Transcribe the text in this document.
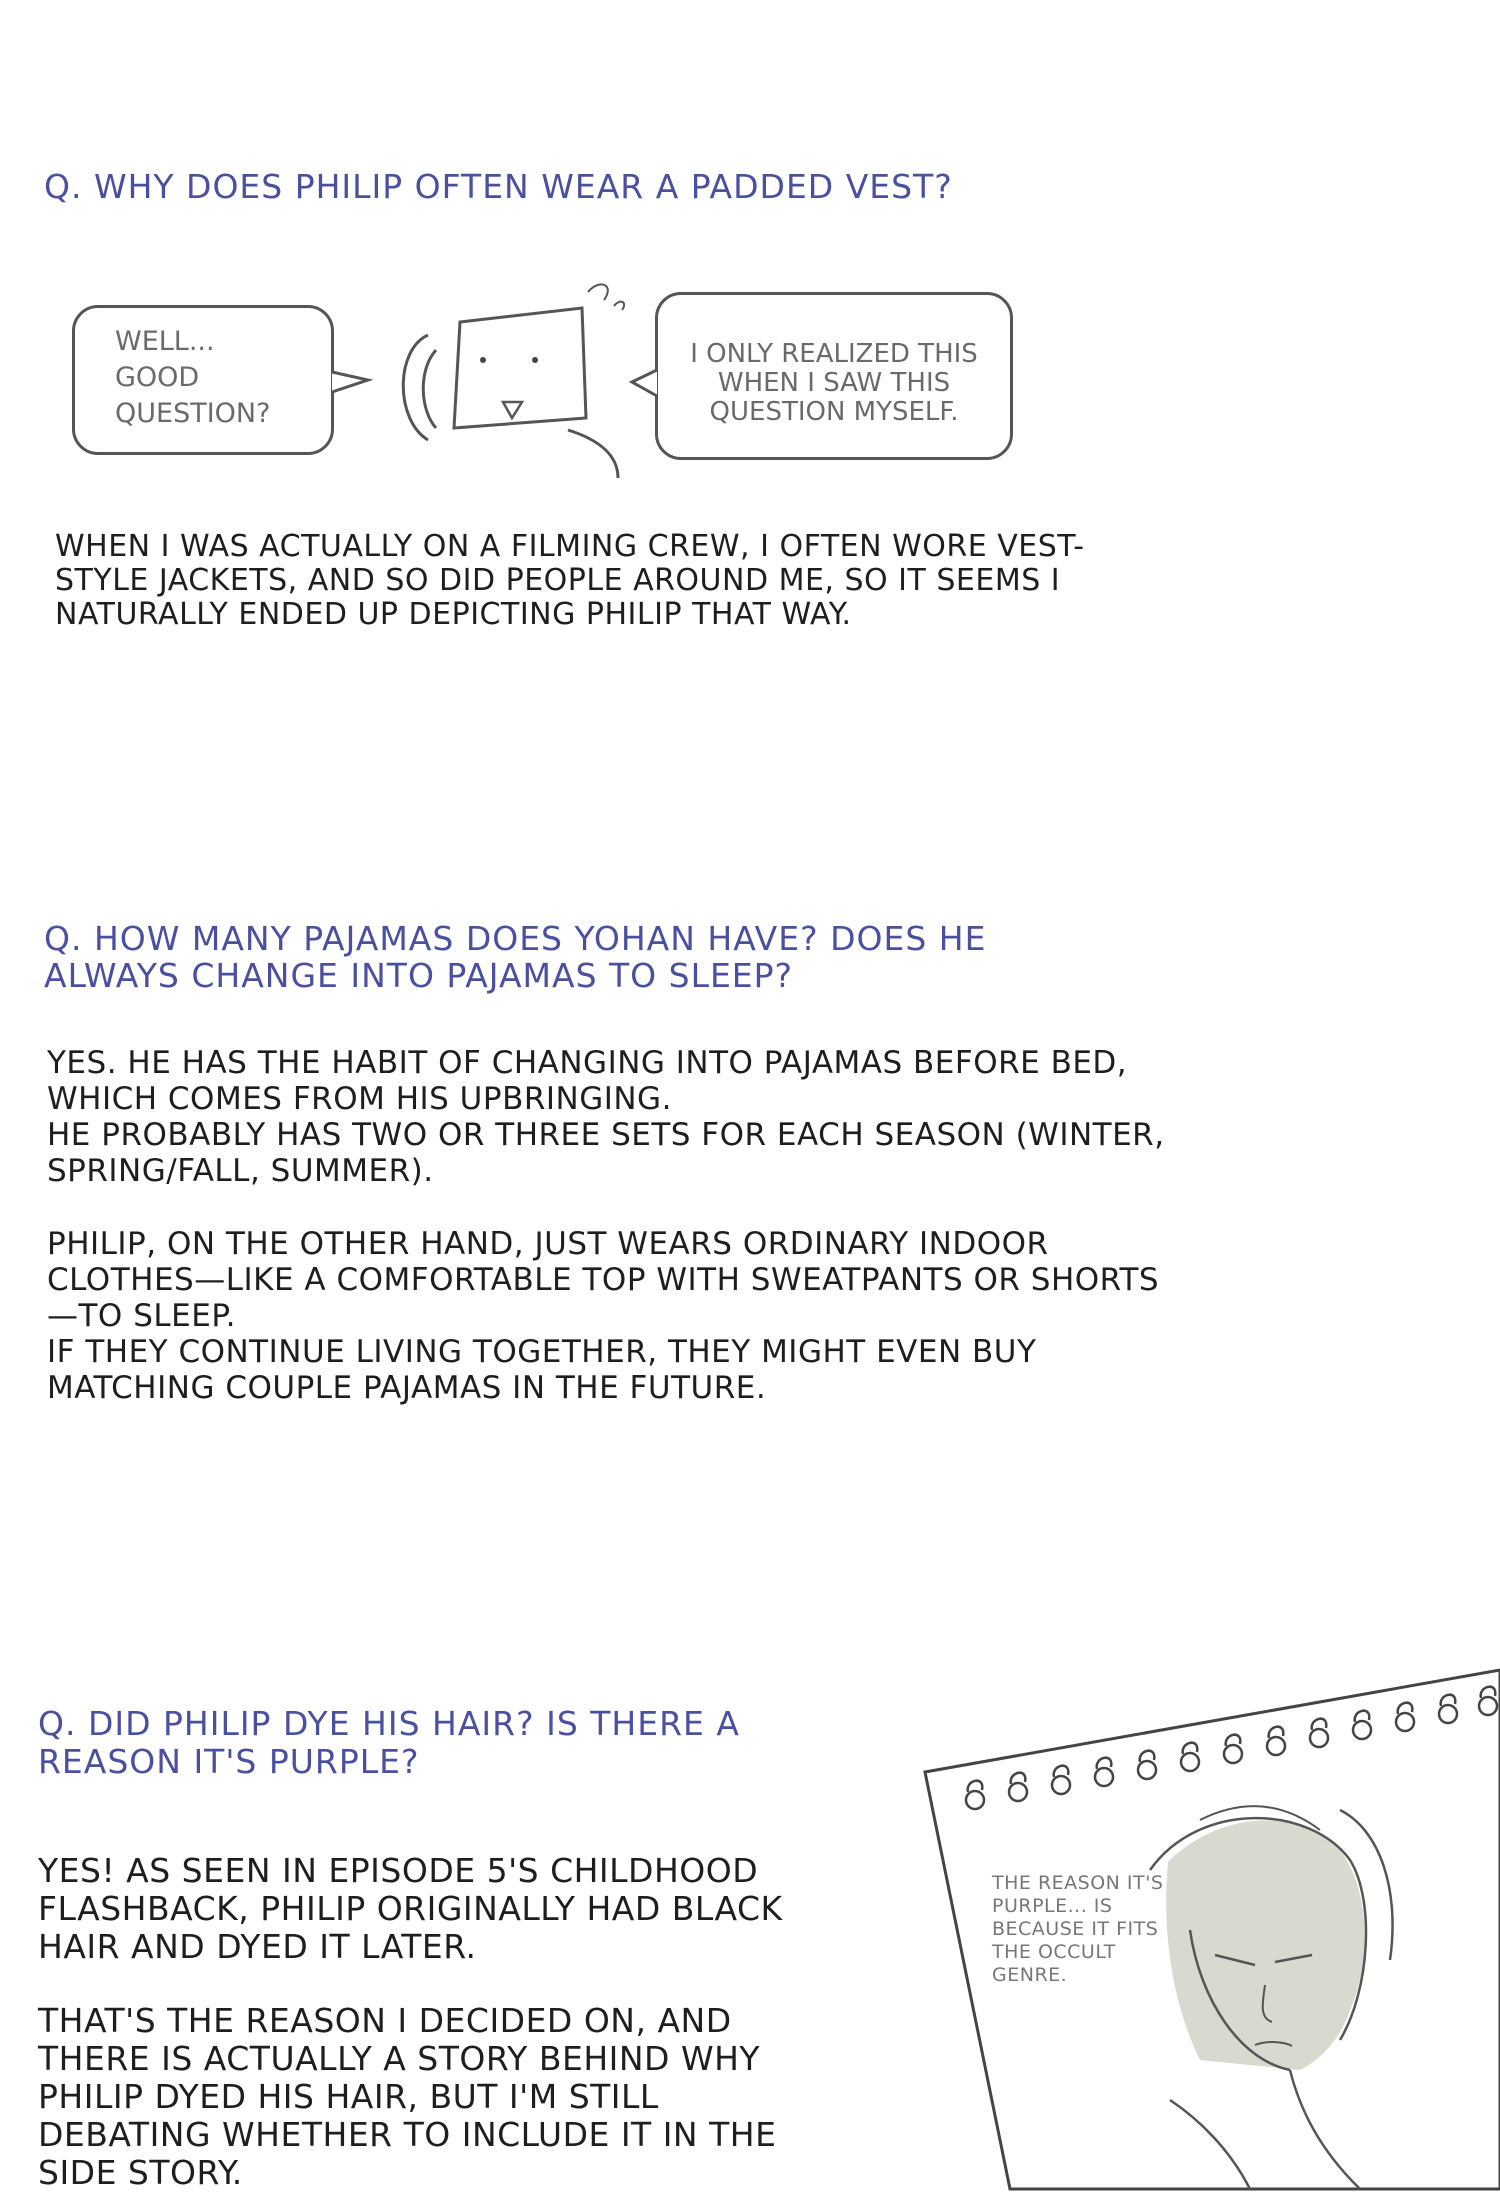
Q. WHY DOES PHILIP OFTEN WEAR A PADDED VEST?
WELL...
GOOD
QUESTION?
I ONLY REALIZED THIS
WHEN I SAW THIS
QUESTION MYSELF.

WHEN I WAS ACTUALLY ON A FILMING CREW, I OFTEN WORE VEST-
STYLE JACKETS, AND SO DID PEOPLE AROUND ME, SO IT SEEMS I
NATURALLY ENDED UP DEPICTING PHILIP THAT WAY.

Q. HOW MANY PAJAMAS DOES YOHAN HAVE? DOES HE
ALWAYS CHANGE INTO PAJAMAS TO SLEEP?

YES. HE HAS THE HABIT OF CHANGING INTO PAJAMAS BEFORE BED,
WHICH COMES FROM HIS UPBRINGING.
HE PROBABLY HAS TWO OR THREE SETS FOR EACH SEASON (WINTER,
SPRING/FALL, SUMMER).

PHILIP, ON THE OTHER HAND, JUST WEARS ORDINARY INDOOR
CLOTHES—LIKE A COMFORTABLE TOP WITH SWEATPANTS OR SHORTS
—TO SLEEP.
IF THEY CONTINUE LIVING TOGETHER, THEY MIGHT EVEN BUY
MATCHING COUPLE PAJAMAS IN THE FUTURE.

Q. DID PHILIP DYE HIS HAIR? IS THERE A
REASON IT'S PURPLE?

YES! AS SEEN IN EPISODE 5'S CHILDHOOD
FLASHBACK, PHILIP ORIGINALLY HAD BLACK
HAIR AND DYED IT LATER.

THAT'S THE REASON I DECIDED ON, AND
THERE IS ACTUALLY A STORY BEHIND WHY
PHILIP DYED HIS HAIR, BUT I'M STILL
DEBATING WHETHER TO INCLUDE IT IN THE
SIDE STORY.

THE REASON IT'S
PURPLE... IS
BECAUSE IT FITS
THE OCCULT
GENRE.
